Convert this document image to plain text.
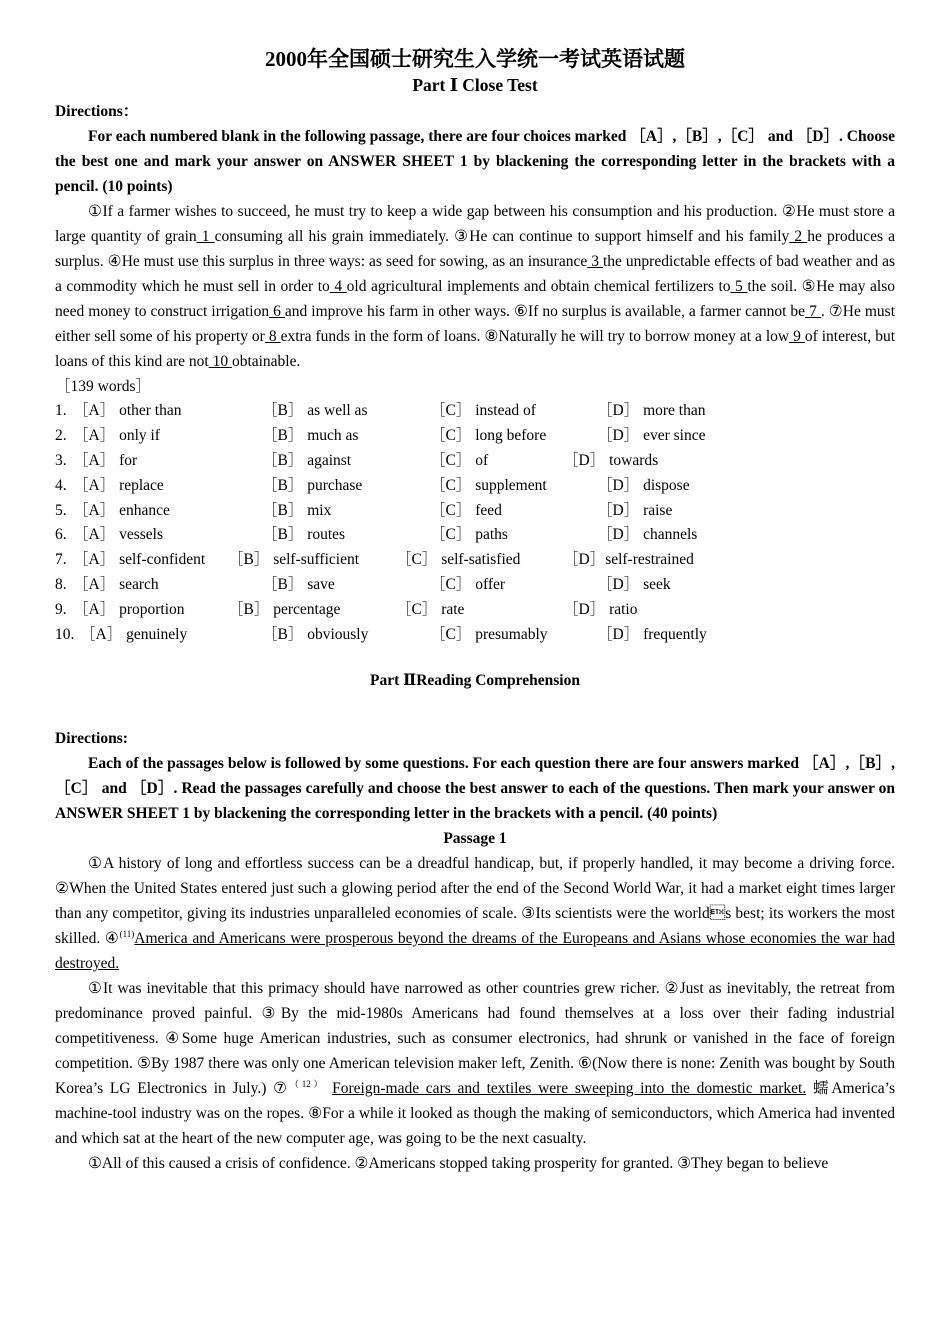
2000年全国硕士研究生入学统一考试英语试题
Part Ⅰ Close Test
Directions：
For each numbered blank in the following passage, there are four choices marked ［A］,［B］,［C］ and ［D］. Choose the best one and mark your answer on ANSWER SHEET 1 by blackening the corresponding letter in the brackets with a pencil. (10 points)
①If a farmer wishes to succeed, he must try to keep a wide gap between his consumption and his production. ②He must store a large quantity of grain 1 consuming all his grain immediately. ③He can continue to support himself and his family 2 he produces a surplus. ④He must use this surplus in three ways: as seed for sowing, as an insurance 3 the unpredictable effects of bad weather and as a commodity which he must sell in order to 4 old agricultural implements and obtain chemical fertilizers to 5 the soil. ⑤He may also need money to construct irrigation 6 and improve his farm in other ways. ⑥If no surplus is available, a farmer cannot be 7 . ⑦He must either sell some of his property or 8 extra funds in the form of loans. ⑧Naturally he will try to borrow money at a low 9 of interest, but loans of this kind are not 10 obtainable.
［139 words］
1. ［A］ other than	［B］ as well as	［C］ instead of	［D］ more than
2. ［A］ only if	［B］ much as	［C］ long before	［D］ ever since
3. ［A］ for	［B］ against	［C］ of	［D］ towards
4. ［A］ replace	［B］ purchase	［C］ supplement	［D］ dispose
5. ［A］ enhance	［B］ mix	［C］ feed	［D］ raise
6. ［A］ vessels	［B］ routes	［C］ paths	［D］ channels
7. ［A］ self-confident ［B］ self-sufficient ［C］ self-satisfied	［D］self-restrained
8. ［A］ search	［B］ save	［C］ offer	［D］ seek
9. ［A］ proportion	［B］ percentage	［C］ rate	［D］ ratio
10. ［A］ genuinely	［B］ obviously	［C］ presumably	［D］ frequently
Part ⅡReading Comprehension
Directions:
Each of the passages below is followed by some questions. For each question there are four answers marked ［A］,［B］,［C］ and ［D］. Read the passages carefully and choose the best answer to each of the questions. Then mark your answer on ANSWER SHEET 1 by blackening the corresponding letter in the brackets with a pencil. (40 points)
Passage 1
①A history of long and effortless success can be a dreadful handicap, but, if properly handled, it may become a driving force. ②When the United States entered just such a glowing period after the end of the Second World War, it had a market eight times larger than any competitor, giving its industries unparalleled economies of scale. ③Its scientists were the worlds best; its workers the most skilled. ④$^{(11)}$America and Americans were prosperous beyond the dreams of the Europeans and Asians whose economies the war had destroyed.
①It was inevitable that this primacy should have narrowed as other countries grew richer. ②Just as inevitably, the retreat from predominance proved painful. ③By the mid-1980s Americans had found themselves at a loss over their fading industrial competitiveness. ④Some huge American industries, such as consumer electronics, had shrunk or vanished in the face of foreign competition. ⑤By 1987 there was only one American television maker left, Zenith. ⑥(Now there is none: Zenith was bought by South Korea’s LG Electronics in July.) ⑦$^{(12)}$ Foreign-made cars and textiles were sweeping into the domestic market. 蠕America’s machine-tool industry was on the ropes. ⑧For a while it looked as though the making of semiconductors, which America had invented and which sat at the heart of the new computer age, was going to be the next casualty.
①All of this caused a crisis of confidence. ②Americans stopped taking prosperity for granted. ③They began to believe
